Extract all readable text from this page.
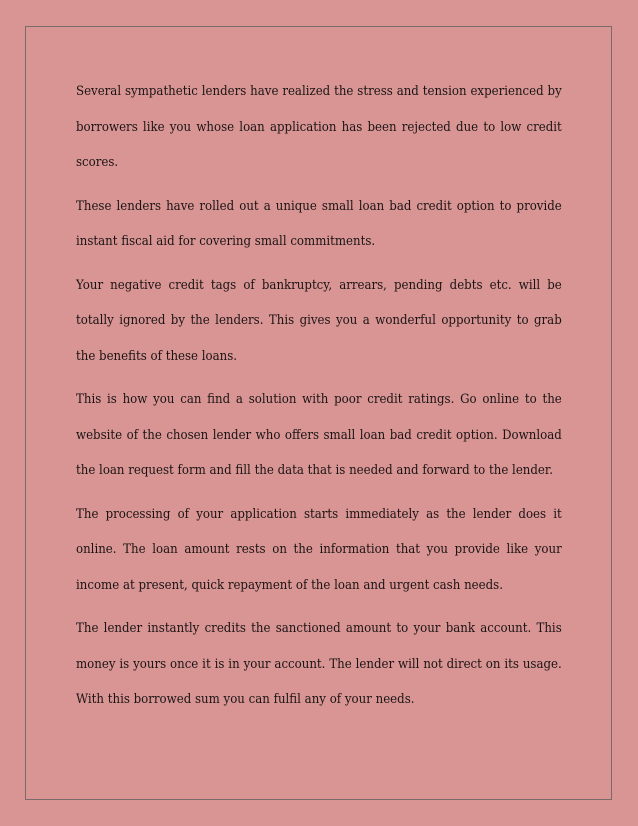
Several sympathetic lenders have realized the stress and tension experienced by borrowers like you whose loan application has been rejected due to low credit scores.

These lenders have rolled out a unique small loan bad credit option to provide instant fiscal aid for covering small commitments.

Your negative credit tags of bankruptcy, arrears, pending debts etc. will be totally ignored by the lenders. This gives you a wonderful opportunity to grab the benefits of these loans.

This is how you can find a solution with poor credit ratings. Go online to the website of the chosen lender who offers small loan bad credit option. Download the loan request form and fill the data that is needed and forward to the lender.

The processing of your application starts immediately as the lender does it online. The loan amount rests on the information that you provide like your income at present, quick repayment of the loan and urgent cash needs.

The lender instantly credits the sanctioned amount to your bank account. This money is yours once it is in your account. The lender will not direct on its usage. With this borrowed sum you can fulfil any of your needs.
